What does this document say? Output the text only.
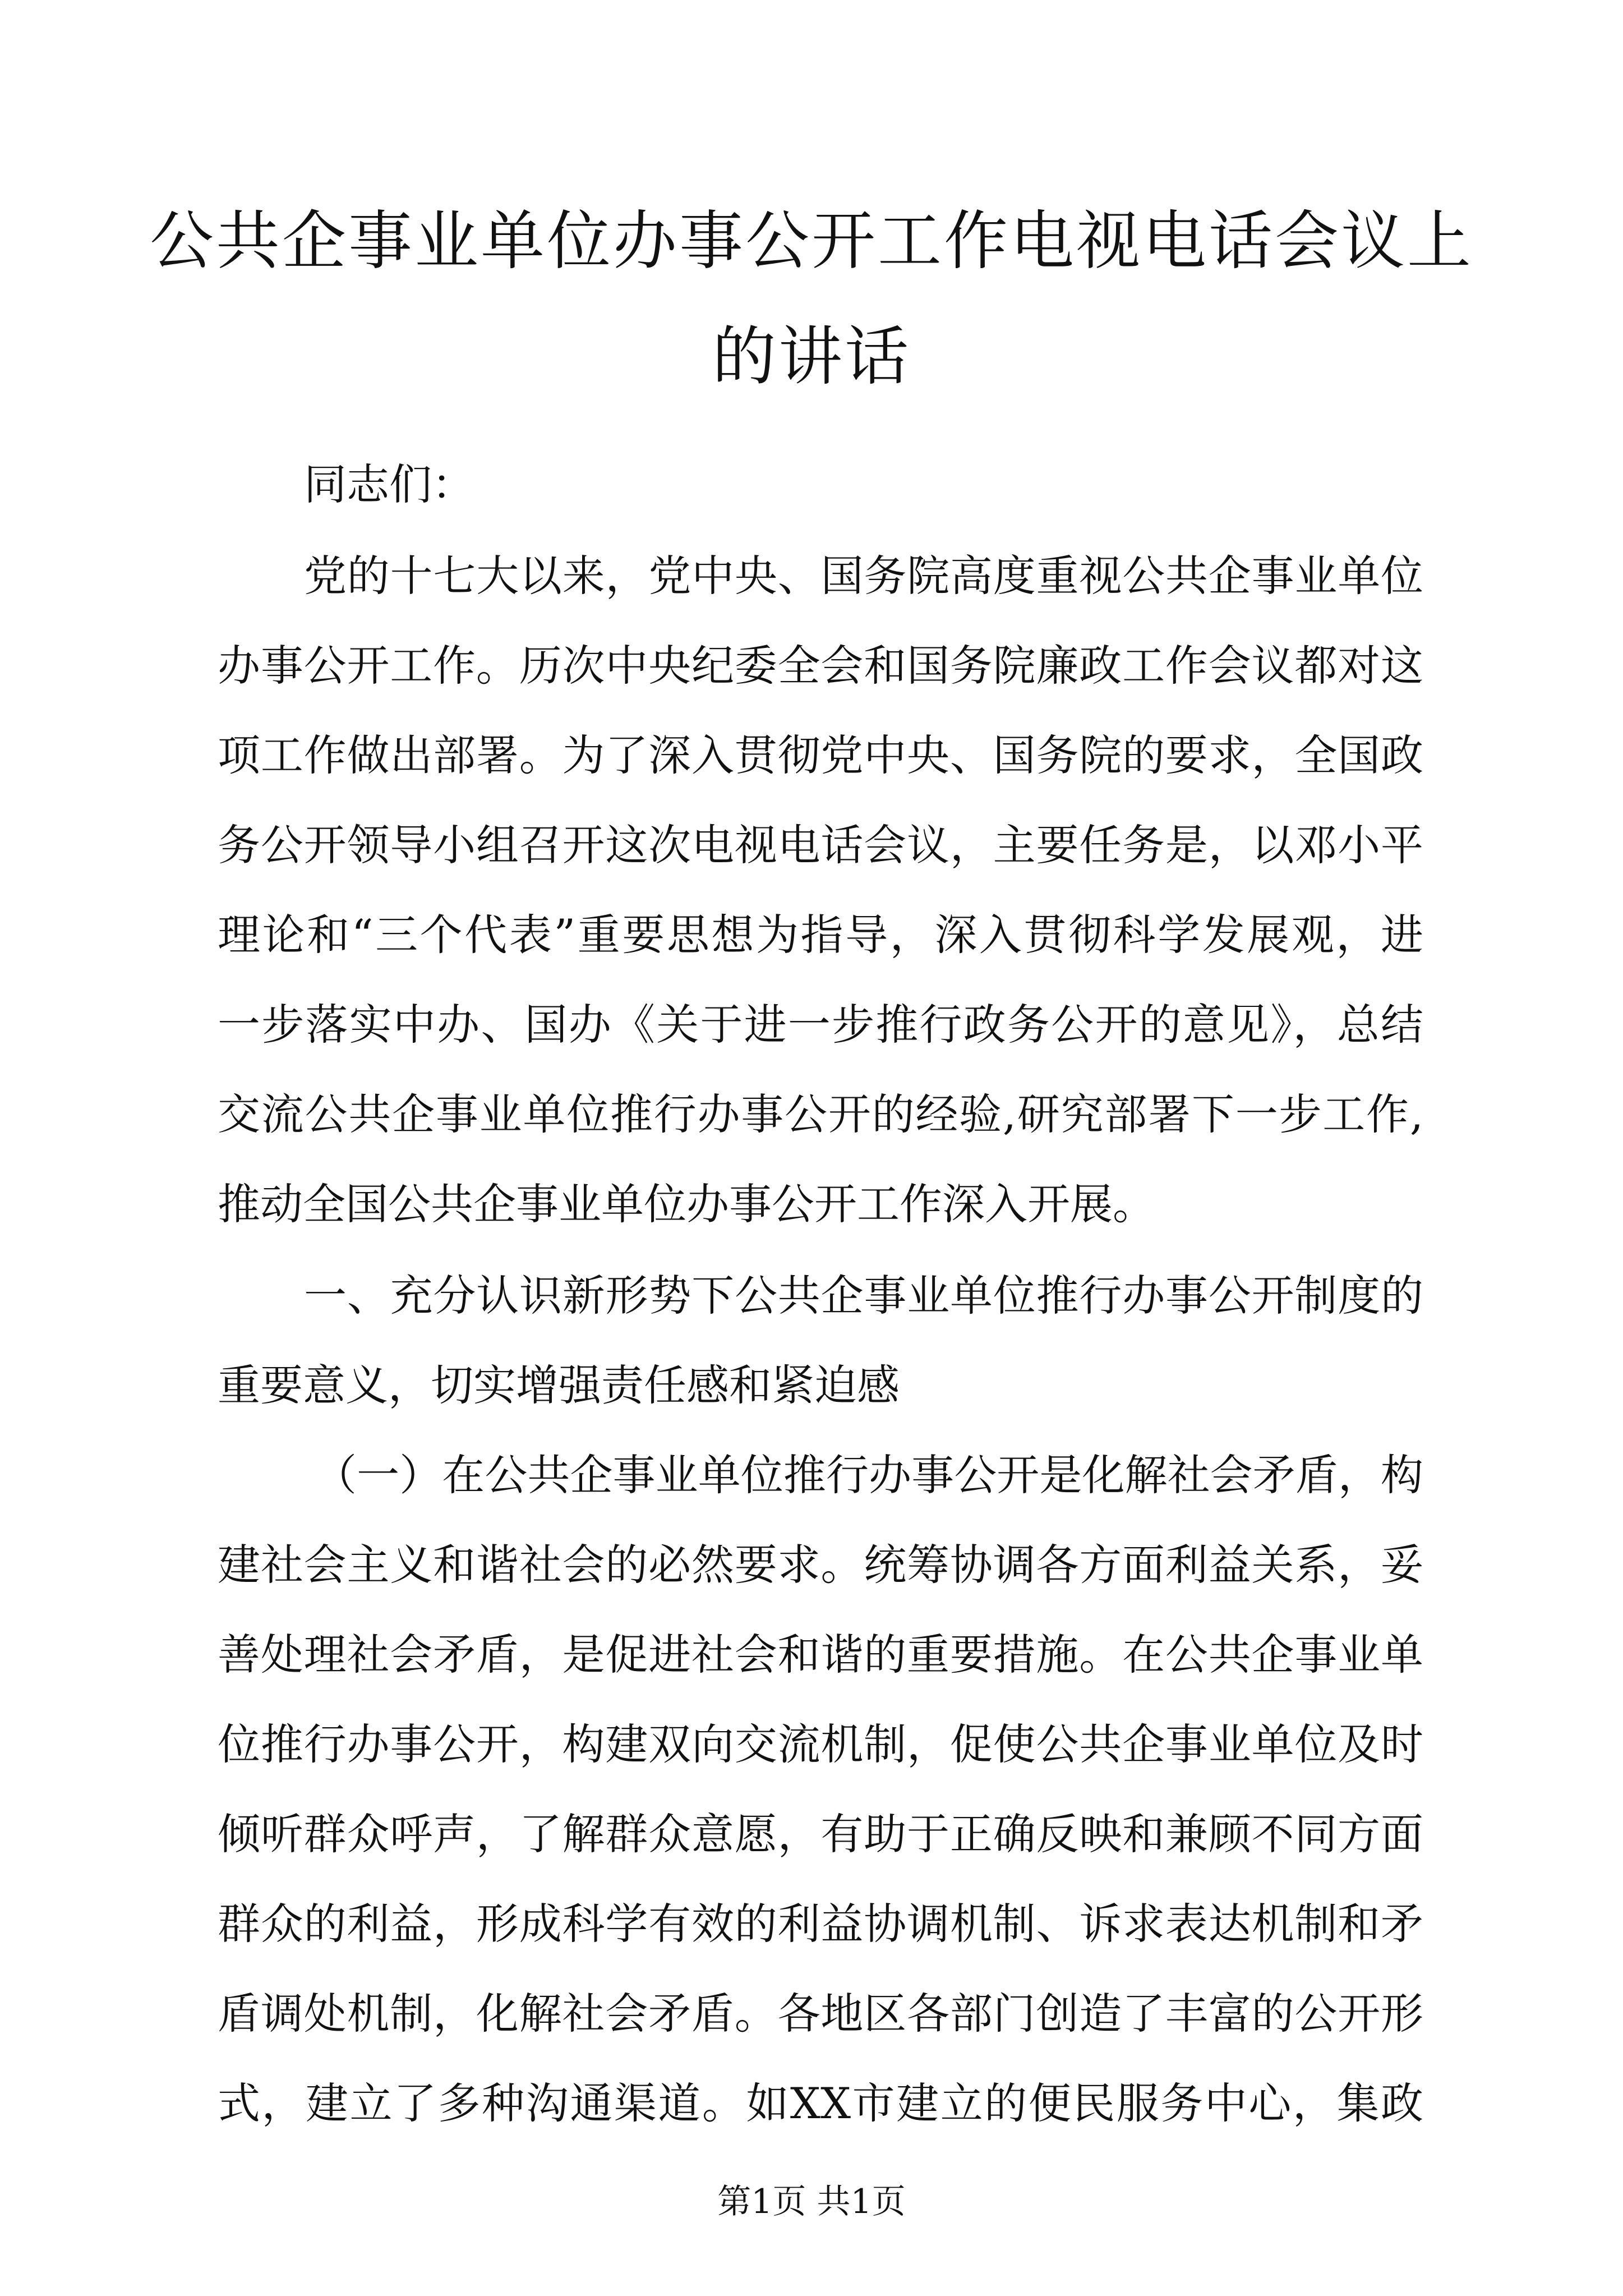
公共企事业单位办事公开工作电视电话会议上
的讲话
同志们：
党的十七大以来，党中央、国务院高度重视公共企事业单位
办事公开工作。历次中央纪委全会和国务院廉政工作会议都对这
项工作做出部署。为了深入贯彻党中央、国务院的要求，全国政
务公开领导小组召开这次电视电话会议，主要任务是，以邓小平
理论和“三个代表”重要思想为指导，深入贯彻科学发展观，进
一步落实中办、国办《关于进一步推行政务公开的意见》，总结
交流公共企事业单位推行办事公开的经验,研究部署下一步工作,
推动全国公共企事业单位办事公开工作深入开展。
一、充分认识新形势下公共企事业单位推行办事公开制度的
重要意义，切实增强责任感和紧迫感
（一）在公共企事业单位推行办事公开是化解社会矛盾，构
建社会主义和谐社会的必然要求。统筹协调各方面利益关系，妥
善处理社会矛盾，是促进社会和谐的重要措施。在公共企事业单
位推行办事公开，构建双向交流机制，促使公共企事业单位及时
倾听群众呼声，了解群众意愿，有助于正确反映和兼顾不同方面
群众的利益，形成科学有效的利益协调机制、诉求表达机制和矛
盾调处机制，化解社会矛盾。各地区各部门创造了丰富的公开形
第1页 共1页
式，建立了多种沟通渠道。如XX市建立的便民服务中心，集政
